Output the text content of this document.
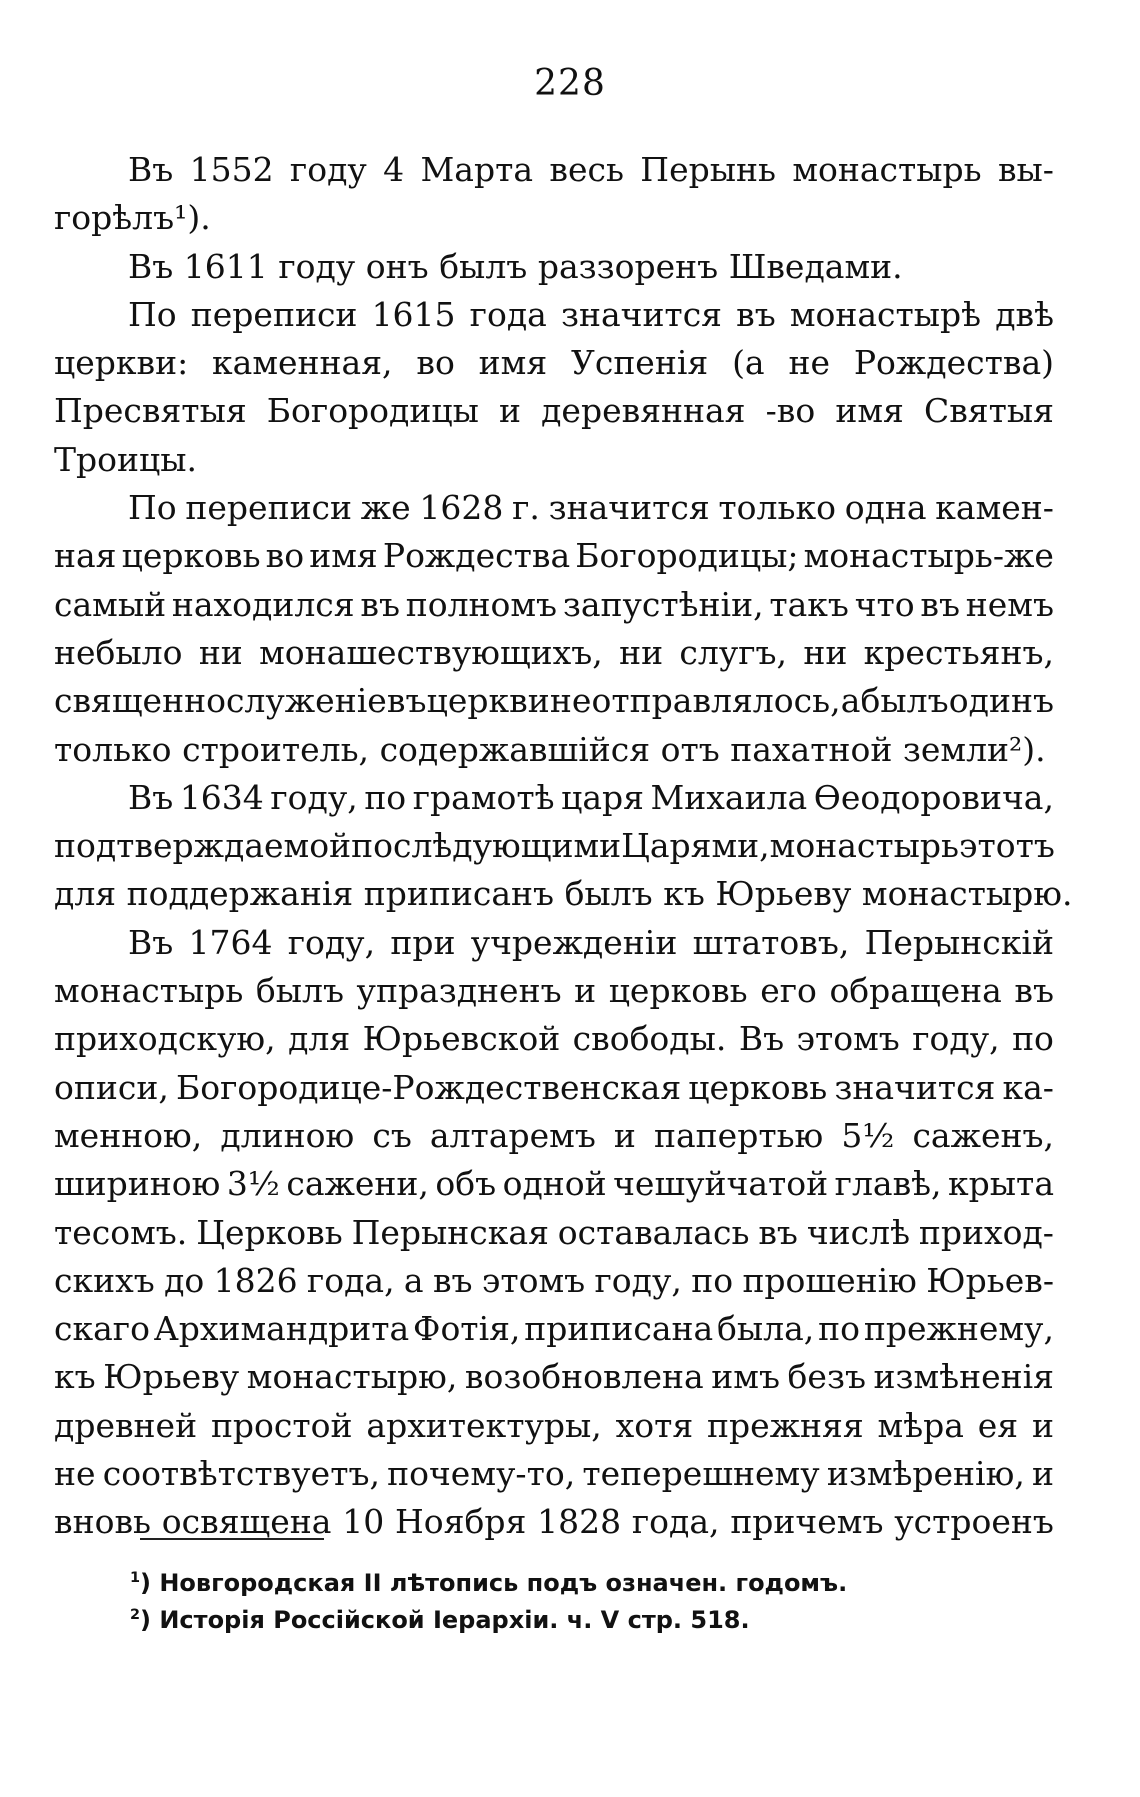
228
Въ 1552 году 4 Марта весь Перынь монастырь вы-
горѣлъ¹).
Въ 1611 году онъ былъ раззоренъ Шведами.
По переписи 1615 года значится въ монастырѣ двѣ
церкви: каменная, во имя Успенія (а не Рождества)
Пресвятыя Богородицы и деревянная -во имя Святыя
Троицы.
По переписи же 1628 г. значится только одна камен-
ная церковь во имя Рождества Богородицы; монастырь-же
самый находился въ полномъ запустѣніи, такъ что въ немъ
небыло ни монашествующихъ, ни слугъ, ни крестьянъ,
священнослуженіе въ церкви не отправлялось, а былъ одинъ
только строитель, содержавшійся отъ пахатной земли²).
Въ 1634 году, по грамотѣ царя Михаила Ѳеодоровича,
подтверждаемой послѣдующими Царями, монастырь этотъ
для поддержанія приписанъ былъ къ Юрьеву монастырю.
Въ 1764 году, при учрежденіи штатовъ, Перынскій
монастырь былъ упраздненъ и церковь его обращена въ
приходскую, для Юрьевской свободы. Въ этомъ году, по
описи, Богородице-Рождественская церковь значится ка-
менною, длиною съ алтаремъ и папертью 5½ саженъ,
шириною 3½ сажени, объ одной чешуйчатой главѣ, крыта
тесомъ. Церковь Перынская оставалась въ числѣ приход-
скихъ до 1826 года, а въ этомъ году, по прошенію Юрьев-
скаго Архимандрита Фотія, приписана была, по прежнему,
къ Юрьеву монастырю, возобновлена имъ безъ измѣненія
древней простой архитектуры, хотя прежняя мѣра ея и
не соотвѣтствуетъ, почему-то, теперешнему измѣренію, и
вновь освящена 10 Ноября 1828 года, причемъ устроенъ
$^1$) Новгородская II лѣтопись подъ означен. годомъ.
$^2$) Исторія Россійской Іерархіи. ч. V стр. 518.
